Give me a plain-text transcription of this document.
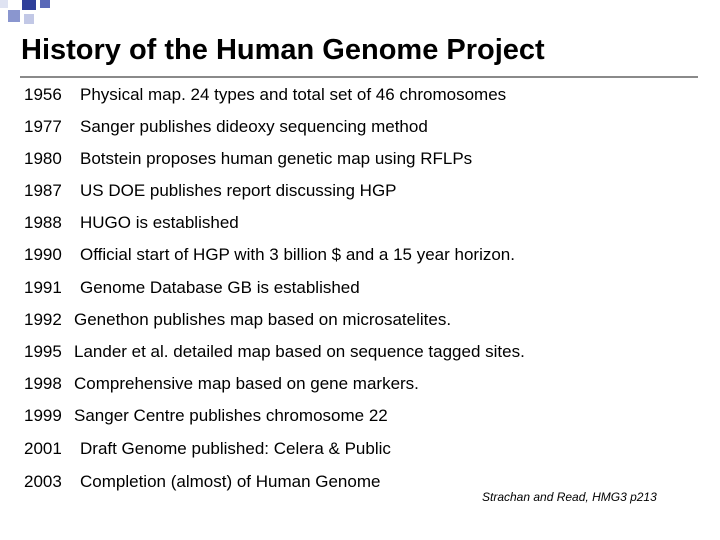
History of the Human Genome Project
1956 Physical map. 24 types and total set of 46 chromosomes
1977 Sanger publishes dideoxy sequencing method
1980 Botstein proposes human genetic map using RFLPs
1987 US DOE publishes report discussing HGP
1988 HUGO is established
1990 Official start of HGP with 3 billion $ and a 15 year horizon.
1991 Genome Database GB is established
1992 Genethon publishes map based on microsatelites.
1995 Lander et al. detailed map based on sequence tagged sites.
1998 Comprehensive map based on gene markers.
1999 Sanger Centre publishes chromosome 22
2001 Draft Genome published: Celera & Public
2003 Completion (almost) of Human Genome
Strachan and Read, HMG3 p213
